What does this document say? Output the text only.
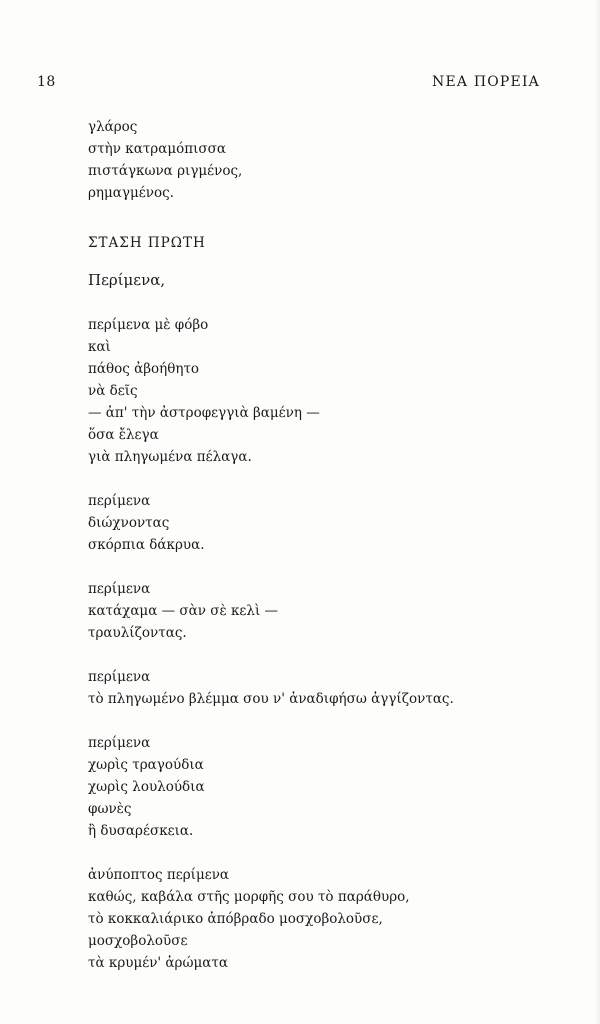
18	ΝΕΑ ΠΟΡΕΙΑ
γλάρος
στὴν κατραμόπισσα
πιστάγκωνα ριγμένος,
ρημαγμένος.
ΣΤΑΣΗ ΠΡΩΤΗ
Περίμενα,
περίμενα μὲ φόβο
καὶ
πάθος ἀβοήθητο
νὰ δεῖς
— ἀπ' τὴν ἀστροφεγγιὰ βαμένη —
ὅσα ἔλεγα
γιὰ πληγωμένα πέλαγα.
περίμενα
διώχνοντας
σκόρπια δάκρυα.
περίμενα
κατάχαμα — σὰν σὲ κελὶ —
τραυλίζοντας.
περίμενα
τὸ πληγωμένο βλέμμα σου ν' ἀναδιφήσω ἀγγίζοντας.
περίμενα
χωρὶς τραγούδια
χωρὶς λουλούδια
φωνὲς
ἢ δυσαρέσκεια.
ἀνύποπτος περίμενα
καθώς, καβάλα στῆς μορφῆς σου τὸ παράθυρο,
τὸ κοκκαλιάρικο ἀπόβραδο μοσχοβολοῦσε,
μοσχοβολοῦσε
τὰ κρυμέν' ἀρώματα
